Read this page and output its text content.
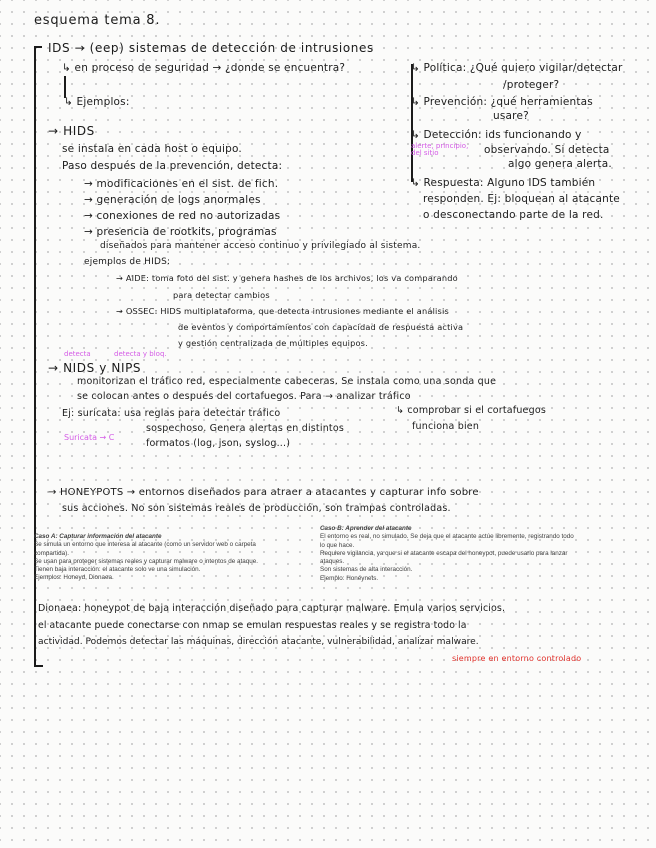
esquema tema 8.
IDS → (eep) sistemas de detección de intrusiones
↳ en proceso de seguridad → ¿donde se encuentra?
↳ Ejemplos:
↳ Política: ¿Qué quiero vigilar/detectar
/proteger?
↳ Prevención: ¿qué herramientas
usare?
↳ Detección: ids funcionando y
alerte, principio, del sitio	observando. Si detecta
algo genera alerta.
↳ Respuesta: Alguno IDS también
responden. Ej: bloquean al atacante
o desconectando parte de la red.
→ HIDS
se instala en cada host o equipo.
Paso después de la prevención, detecta:
→ modificaciones en el sist. de fich.
→ generación de logs anormales
→ conexiones de red no autorizadas
→ presencia de rootkits, programas
diseñados para mantener acceso continuo y privilegiado al sistema.
ejemplos de HIDS:
→ AIDE: toma foto del sist. y genera hashes de los archivos, los va comparando
para detectar cambios
→ OSSEC: HIDS multiplataforma, que detecta intrusiones mediante el análisis
de eventos y comportamientos con capacidad de respuesta activa
y gestión centralizada de múltiples equipos.
detecta	detecta y bloq.
→ NIDS y NIPS
monitorizan el tráfico red, especialmente cabeceras. Se instala como una sonda que
se colocan antes o después del cortafuegos. Para → analizar tráfico
↳ comprobar si el cortafuegos
funciona bien
Ej: suricata: usa reglas para detectar tráfico
sospechoso. Genera alertas en distintos
formatos (log, json, syslog...)
Suricata → C
→ HONEYPOTS → entornos diseñados para atraer a atacantes y capturar info sobre
sus acciones. No son sistemas reales de producción, son trampas controladas.
Caso A: Capturar información del atacante
Se simula un entorno que interesa al atacante (como un servidor web o carpeta
compartida).
Se usan para proteger sistemas reales y capturar malware o intentos de ataque.
Tienen baja interacción: el atacante solo ve una simulación.
Ejemplos: Honeyd, Dionaea.
Caso B: Aprender del atacante
El entorno es real, no simulado. Se deja que el atacante actúe libremente, registrando todo
lo que hace.
Requiere vigilancia, ya que si el atacante escapa del honeypot, puede usarlo para lanzar
ataques.
Son sistemas de alta interacción.
Ejemplo: Honeynets.
Dionaea: honeypot de baja interacción diseñado para capturar malware. Emula varios servicios.
el atacante puede conectarse con nmap se emulan respuestas reales y se registra todo la
actividad. Podemos detectar las máquinas, dirección atacante, vulnerabilidad, analizar malware.
siempre en entorno controlado
